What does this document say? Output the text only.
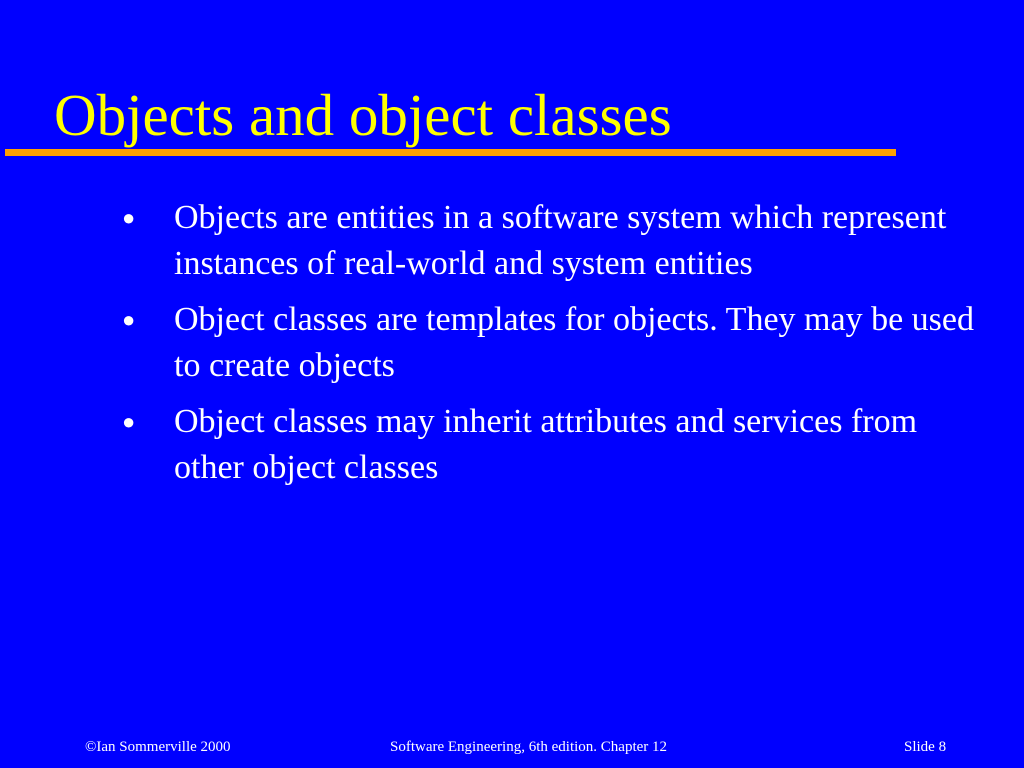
Objects and object classes
● Objects are entities in a software system which represent instances of real-world and system entities
● Object classes are templates for objects. They may be used to create objects
● Object classes may inherit attributes and services from other object classes
©Ian Sommerville 2000	Software Engineering, 6th edition. Chapter 12	Slide 8
